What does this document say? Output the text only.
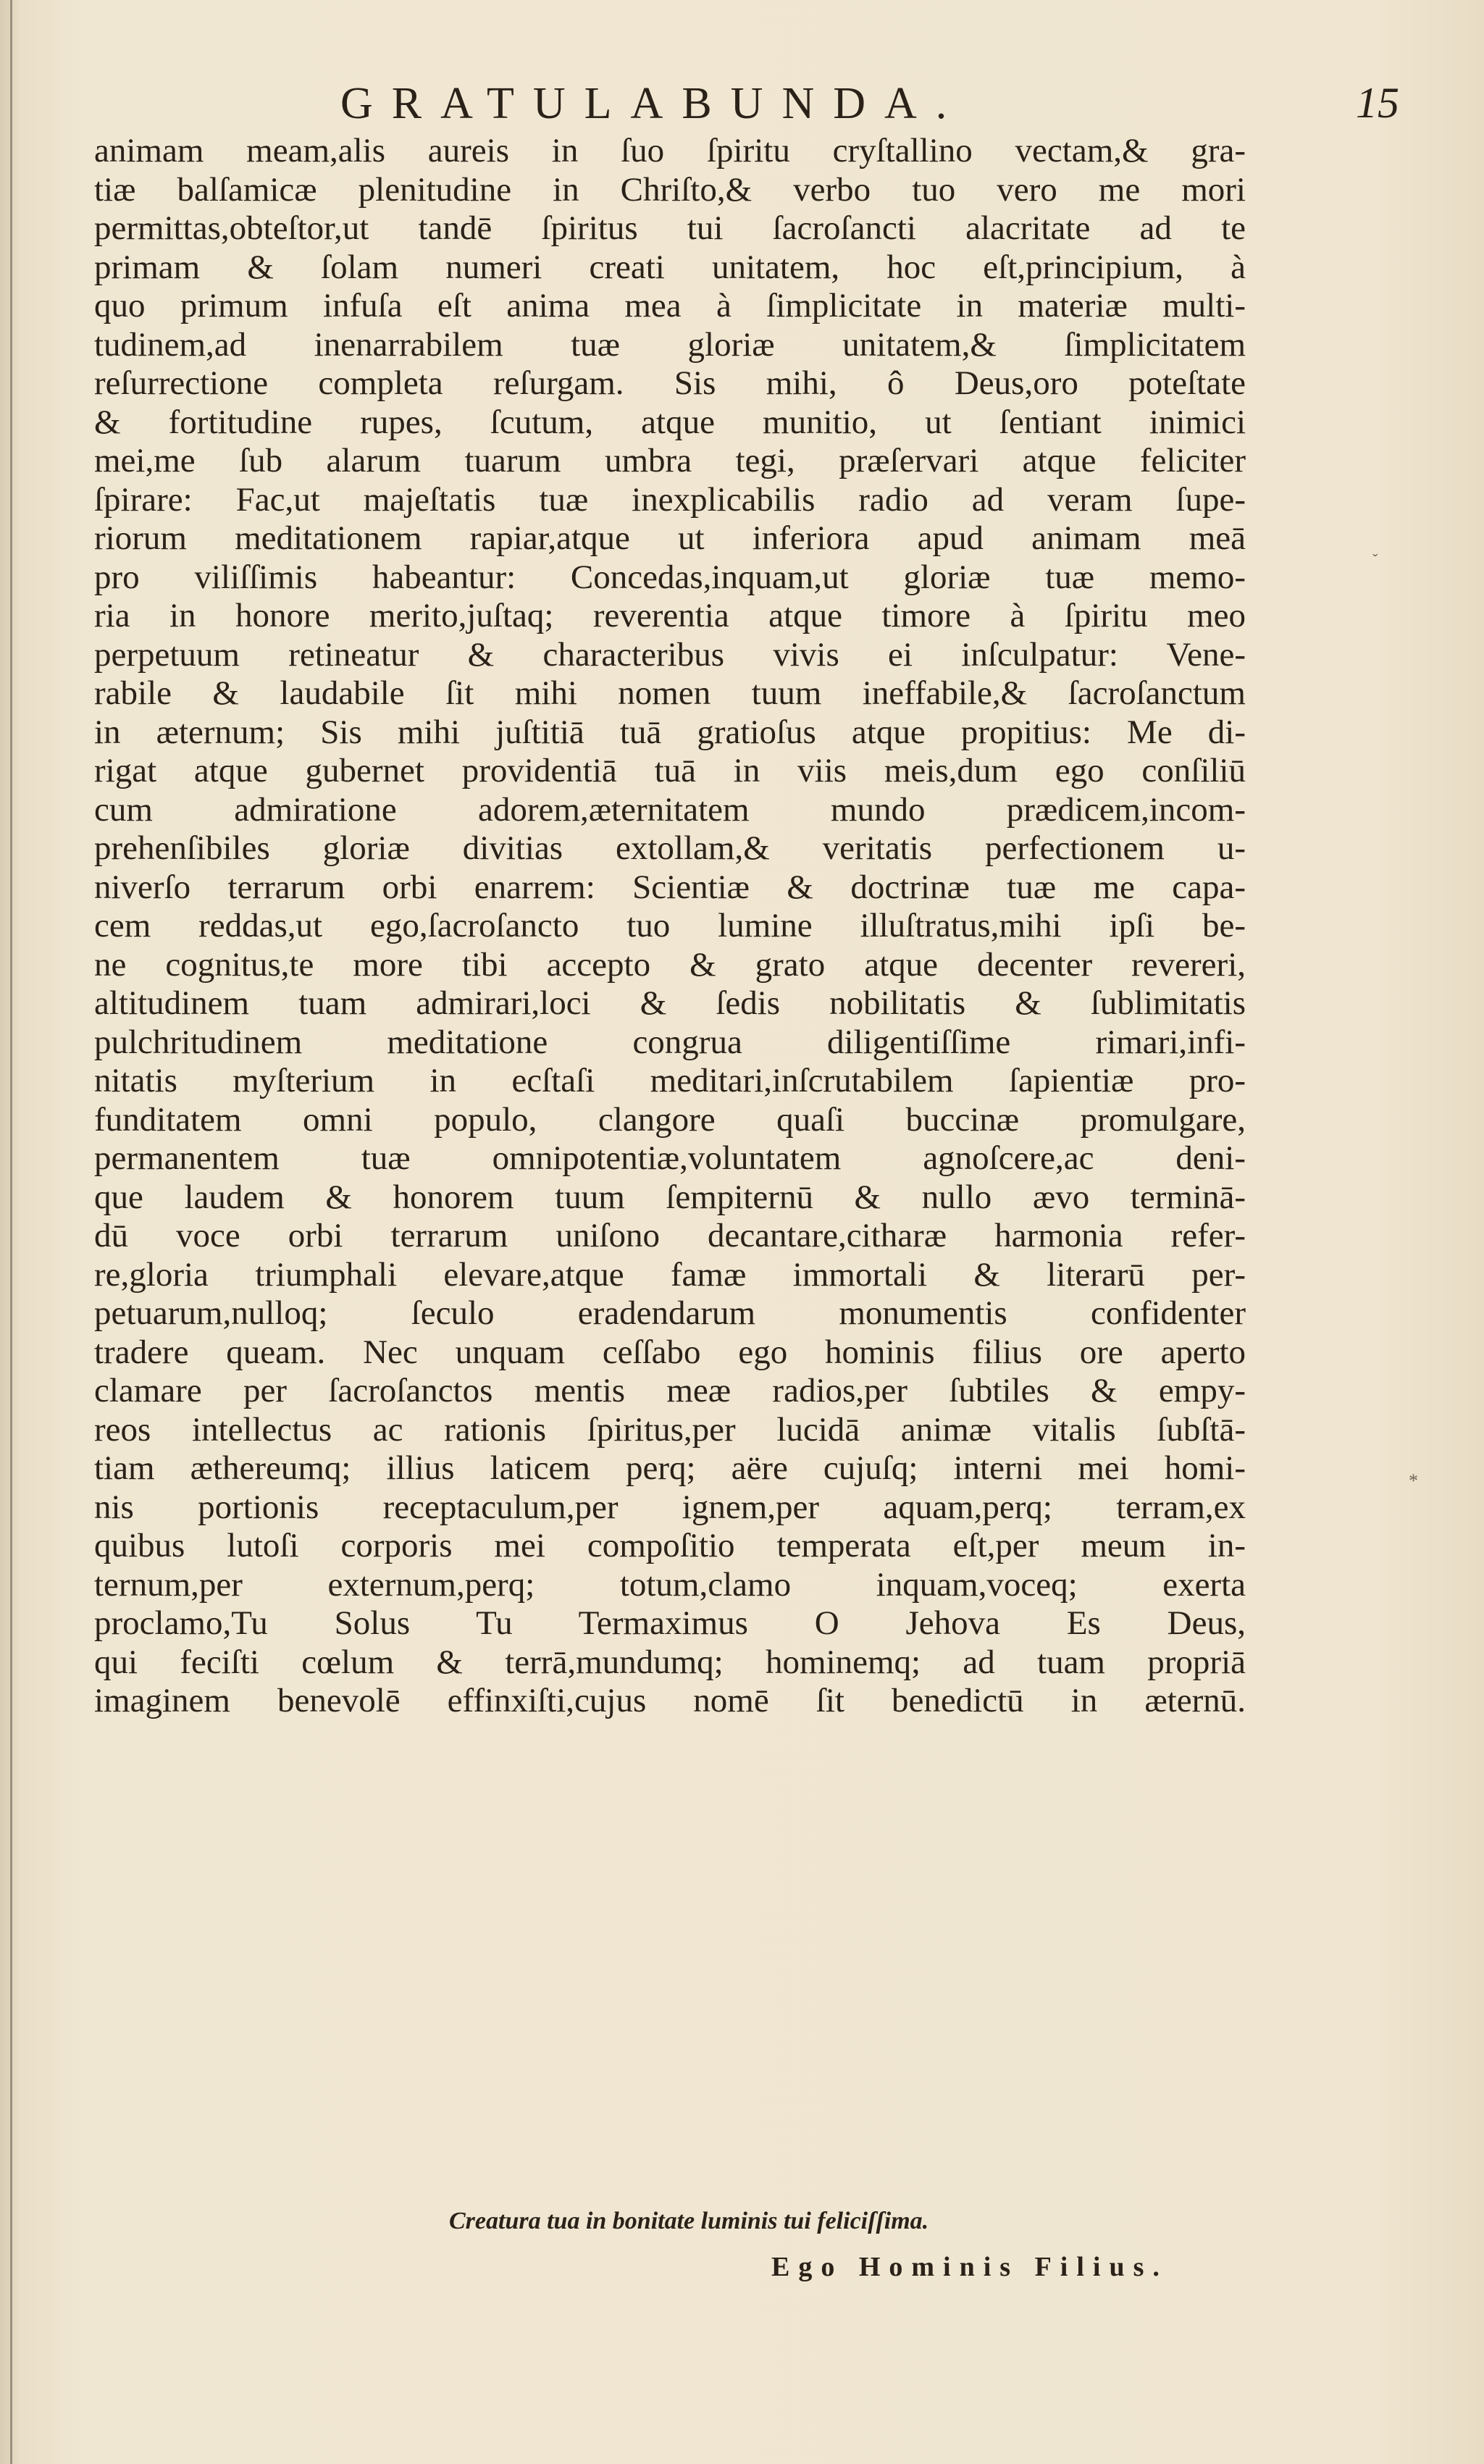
GRATULABUNDA.	15
animam meam,alis aureis in ſuo ſpiritu cryſtallino vectam,& gra-
tiæ balſamicæ plenitudine in Chriſto,& verbo tuo vero me mori
permittas,obteſtor,ut tandē ſpiritus tui ſacroſancti alacritate ad te
primam & ſolam numeri creati unitatem, hoc eſt,principium, à
quo primum infuſa eſt anima mea à ſimplicitate in materiæ multi-
tudinem,ad inenarrabilem tuæ gloriæ unitatem,& ſimplicitatem
reſurrectione completa reſurgam. Sis mihi, ô Deus,oro poteſtate
& fortitudine rupes, ſcutum, atque munitio, ut ſentiant inimici
mei,me ſub alarum tuarum umbra tegi, præſervari atque feliciter
ſpirare: Fac,ut majeſtatis tuæ inexplicabilis radio ad veram ſupe-
riorum meditationem rapiar,atque ut inferiora apud animam meā
pro viliſſimis habeantur: Concedas,inquam,ut gloriæ tuæ memo-
ria in honore merito,juſtaq; reverentia atque timore à ſpiritu meo
perpetuum retineatur & characteribus vivis ei inſculpatur: Vene-
rabile & laudabile ſit mihi nomen tuum ineffabile,& ſacroſanctum
in æternum; Sis mihi juſtitiā tuā gratioſus atque propitius: Me di-
rigat atque gubernet providentiā tuā in viis meis,dum ego conſiliū
cum admiratione adorem,æternitatem mundo prædicem,incom-
prehenſibiles gloriæ divitias extollam,& veritatis perfectionem u-
niverſo terrarum orbi enarrem: Scientiæ & doctrinæ tuæ me capa-
cem reddas,ut ego,ſacroſancto tuo lumine illuſtratus,mihi ipſi be-
ne cognitus,te more tibi accepto & grato atque decenter revereri,
altitudinem tuam admirari,loci & ſedis nobilitatis & ſublimitatis
pulchritudinem meditatione congrua diligentiſſime rimari,infi-
nitatis myſterium in ecſtaſi meditari,inſcrutabilem ſapientiæ pro-
funditatem omni populo, clangore quaſi buccinæ promulgare,
permanentem tuæ omnipotentiæ,voluntatem agnoſcere,ac deni-
que laudem & honorem tuum ſempiternū & nullo ævo terminā-
dū voce orbi terrarum uniſono decantare,citharæ harmonia refer-
re,gloria triumphali elevare,atque famæ immortali & literarū per-
petuarum,nulloq; ſeculo eradendarum monumentis confidenter
tradere queam. Nec unquam ceſſabo ego hominis filius ore aperto
clamare per ſacroſanctos mentis meæ radios,per ſubtiles & empy-
reos intellectus ac rationis ſpiritus,per lucidā animæ vitalis ſubſtā-
tiam æthereumq; illius laticem perq; aëre cujuſq; interni mei homi-
nis portionis receptaculum,per ignem,per aquam,perq; terram,ex
quibus lutoſi corporis mei compoſitio temperata eſt,per meum in-
ternum,per externum,perq; totum,clamo inquam,voceq; exerta
proclamo,Tu Solus Tu Termaximus O Jehova Es Deus,
qui feciſti cœlum & terrā,mundumq; hominemq; ad tuam propriā
imaginem benevolē effinxiſti,cujus nomē ſit benedictū in æternū.
Creatura tua in bonitate luminis tui feliciſſima.
Ego Hominis Filius.
ˇ
*
